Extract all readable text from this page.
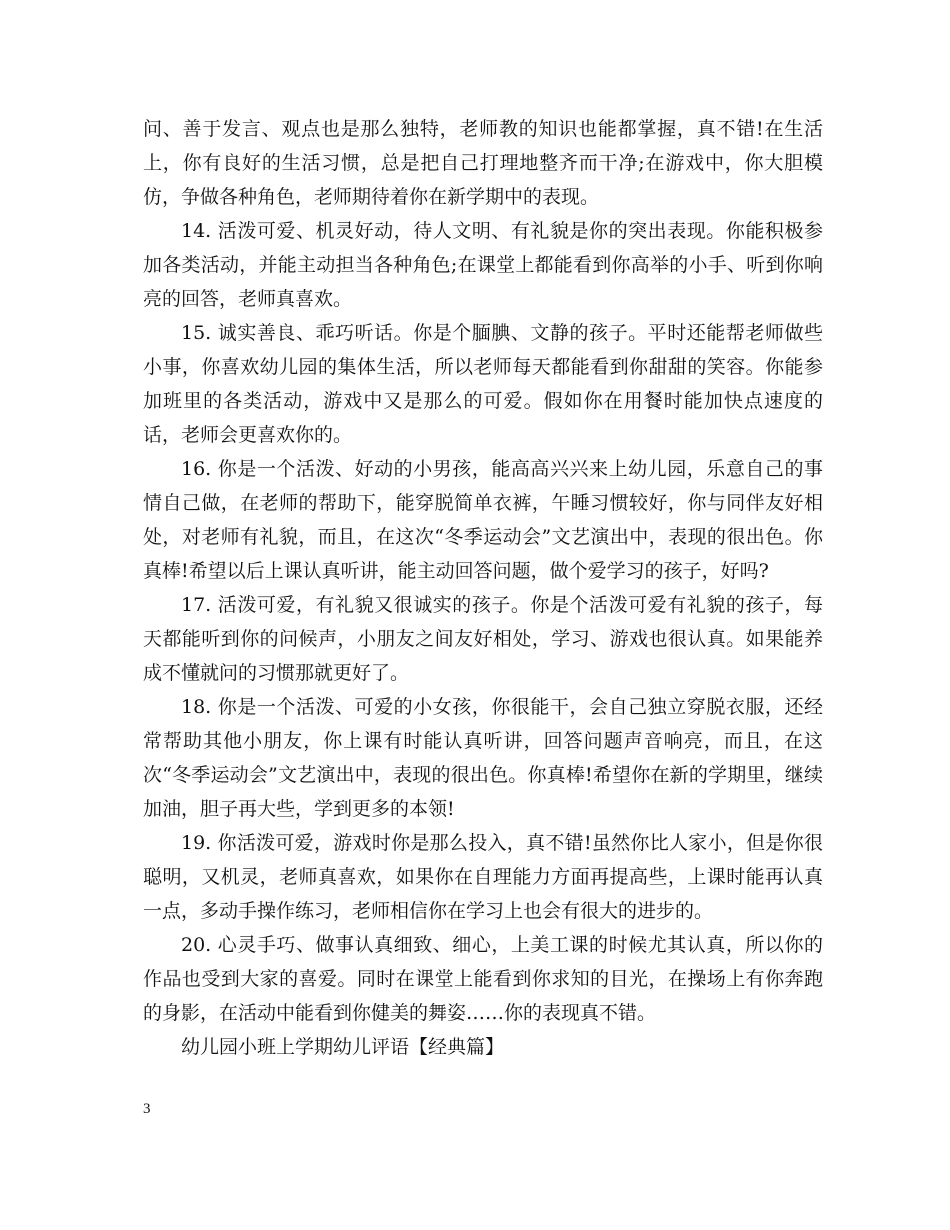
问、善于发言、观点也是那么独特，老师教的知识也能都掌握，真不错!在生活上，你有良好的生活习惯，总是把自己打理地整齐而干净;在游戏中，你大胆模仿，争做各种角色，老师期待着你在新学期中的表现。

14. 活泼可爱、机灵好动，待人文明、有礼貌是你的突出表现。你能积极参加各类活动，并能主动担当各种角色;在课堂上都能看到你高举的小手、听到你响亮的回答，老师真喜欢。

15. 诚实善良、乖巧听话。你是个腼腆、文静的孩子。平时还能帮老师做些小事，你喜欢幼儿园的集体生活，所以老师每天都能看到你甜甜的笑容。你能参加班里的各类活动，游戏中又是那么的可爱。假如你在用餐时能加快点速度的话，老师会更喜欢你的。

16. 你是一个活泼、好动的小男孩，能高高兴兴来上幼儿园，乐意自己的事情自己做，在老师的帮助下，能穿脱简单衣裤，午睡习惯较好，你与同伴友好相处，对老师有礼貌，而且，在这次“冬季运动会”文艺演出中，表现的很出色。你真棒!希望以后上课认真听讲，能主动回答问题，做个爱学习的孩子，好吗?

17. 活泼可爱，有礼貌又很诚实的孩子。你是个活泼可爱有礼貌的孩子，每天都能听到你的问候声，小朋友之间友好相处，学习、游戏也很认真。如果能养成不懂就问的习惯那就更好了。

18. 你是一个活泼、可爱的小女孩，你很能干，会自己独立穿脱衣服，还经常帮助其他小朋友，你上课有时能认真听讲，回答问题声音响亮，而且，在这次“冬季运动会”文艺演出中，表现的很出色。你真棒!希望你在新的学期里，继续加油，胆子再大些，学到更多的本领!

19. 你活泼可爱，游戏时你是那么投入，真不错!虽然你比人家小，但是你很聪明，又机灵，老师真喜欢，如果你在自理能力方面再提高些，上课时能再认真一点，多动手操作练习，老师相信你在学习上也会有很大的进步的。

20. 心灵手巧、做事认真细致、细心，上美工课的时候尤其认真，所以你的作品也受到大家的喜爱。同时在课堂上能看到你求知的目光，在操场上有你奔跑的身影，在活动中能看到你健美的舞姿……你的表现真不错。

幼儿园小班上学期幼儿评语【经典篇】

3
